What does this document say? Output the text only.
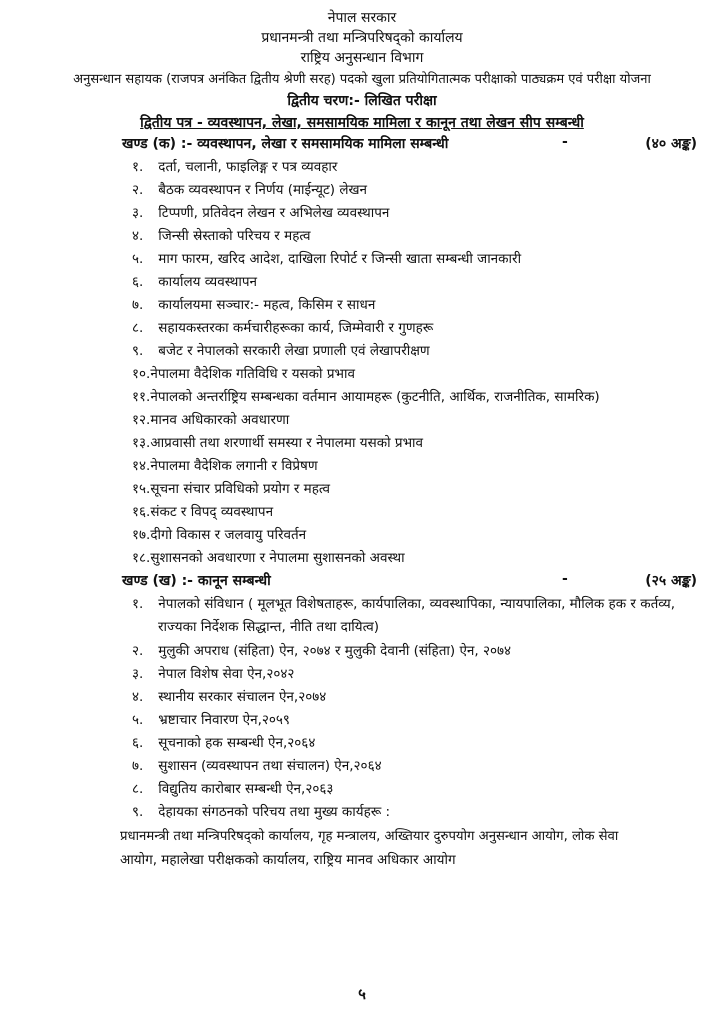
नेपाल सरकार
प्रधानमन्त्री तथा मन्त्रिपरिषद्को कार्यालय
राष्ट्रिय अनुसन्धान विभाग
अनुसन्धान सहायक (राजपत्र अनंकित द्वितीय श्रेणी सरह) पदको खुला प्रतियोगितात्मक परीक्षाको पाठ्यक्रम एवं परीक्षा योजना
द्वितीय चरण:- लिखित परीक्षा
द्वितीय पत्र - व्यवस्थापन, लेखा, समसामयिक मामिला र कानून तथा लेखन सीप सम्बन्धी
खण्ड (क) :- व्यवस्थापन, लेखा र समसामयिक मामिला सम्बन्धी	-	(४० अङ्क)
१. दर्ता, चलानी, फाइलिङ्ग र पत्र व्यवहार
२. बैठक व्यवस्थापन र निर्णय (माईन्यूट) लेखन
३. टिप्पणी, प्रतिवेदन लेखन र अभिलेख व्यवस्थापन
४. जिन्सी स्रेस्ताको परिचय र महत्व
५. माग फारम, खरिद आदेश, दाखिला रिपोर्ट र जिन्सी खाता सम्बन्धी जानकारी
६. कार्यालय व्यवस्थापन
७. कार्यालयमा सञ्चार:- महत्व, किसिम र साधन
८. सहायकस्तरका कर्मचारीहरूका कार्य, जिम्मेवारी र गुणहरू
९. बजेट र नेपालको सरकारी लेखा प्रणाली एवं लेखापरीक्षण
१०.नेपालमा वैदेशिक गतिविधि र यसको प्रभाव
११.नेपालको अन्तर्राष्ट्रिय सम्बन्धका वर्तमान आयामहरू (कुटनीति, आर्थिक, राजनीतिक, सामरिक)
१२.मानव अधिकारको अवधारणा
१३.आप्रवासी तथा शरणार्थी समस्या र नेपालमा यसको प्रभाव
१४.नेपालमा वैदेशिक लगानी र विप्रेषण
१५.सूचना संचार प्रविधिको प्रयोग र महत्व
१६.संकट र विपद् व्यवस्थापन
१७.दीगो विकास र जलवायु परिवर्तन
१८.सुशासनको अवधारणा र नेपालमा सुशासनको अवस्था
खण्ड (ख) :- कानून सम्बन्धी	-	(२५ अङ्क)
१. नेपालको संविधान ( मूलभूत विशेषताहरू, कार्यपालिका, व्यवस्थापिका, न्यायपालिका, मौलिक हक र कर्तव्य,
राज्यका निर्देशक सिद्धान्त, नीति तथा दायित्व)
२. मुलुकी अपराध (संहिता) ऐन, २०७४ र मुलुकी देवानी (संहिता) ऐन, २०७४
३. नेपाल विशेष सेवा ऐन,२०४२
४. स्थानीय सरकार संचालन ऐन,२०७४
५. भ्रष्टाचार निवारण ऐन,२०५९
६. सूचनाको हक सम्बन्धी ऐन,२०६४
७. सुशासन (व्यवस्थापन तथा संचालन) ऐन,२०६४
८. विद्युतिय कारोबार सम्बन्धी ऐन,२०६३
९. देहायका संगठनको परिचय तथा मुख्य कार्यहरू :
प्रधानमन्त्री तथा मन्त्रिपरिषद्को कार्यालय, गृह मन्त्रालय, अख्तियार दुरुपयोग अनुसन्धान आयोग, लोक सेवा
आयोग, महालेखा परीक्षकको कार्यालय, राष्ट्रिय मानव अधिकार आयोग
५
